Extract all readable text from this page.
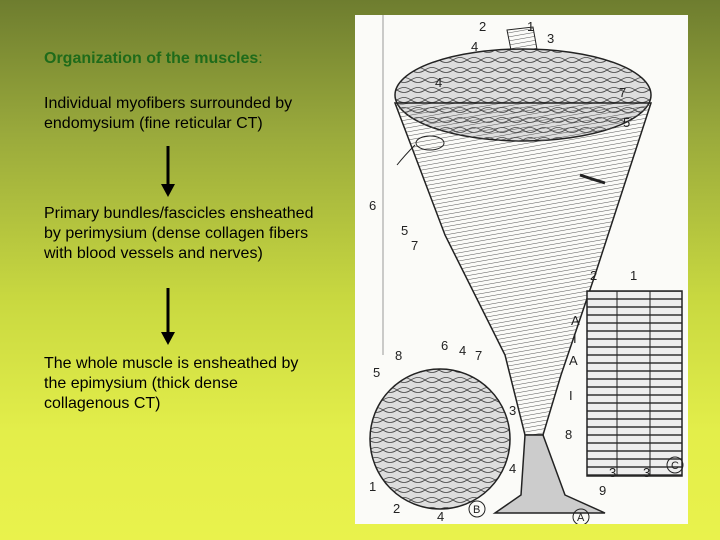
Organization of the muscles:
Individual myofibers surrounded by endomysium (fine reticular CT)
Primary bundles/fascicles ensheathed by perimysium (dense collagen fibers with blood vessels and nerves)
The whole muscle is ensheathed by the epimysium (thick dense collagenous CT)
2	1
3
4
4
7
5
6
5
7
2	1
A
I
A
I
8
6 4 7
5
3
8
4
1
2
4
9
3 3
B
A
C
